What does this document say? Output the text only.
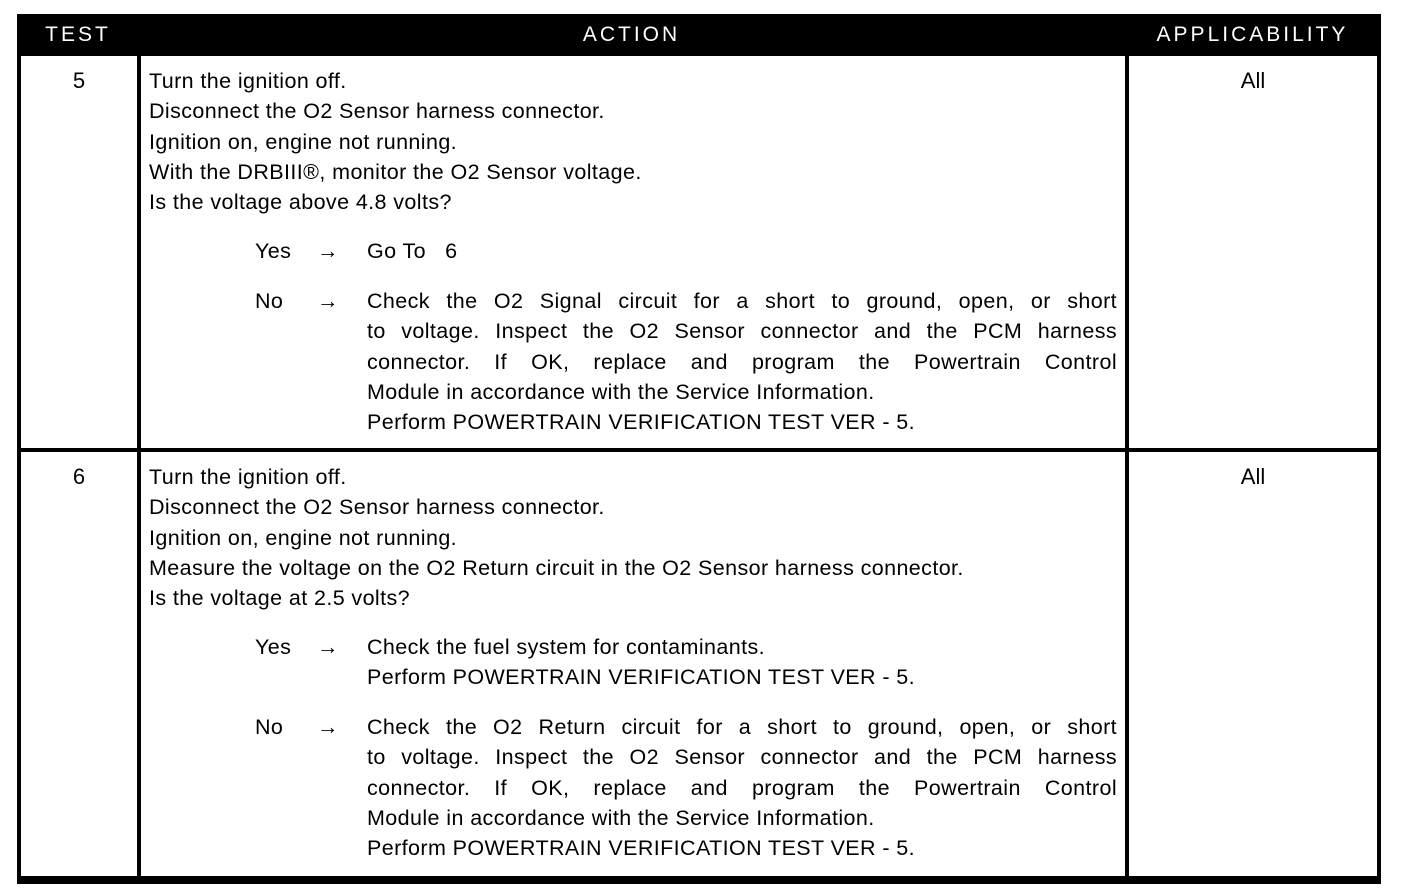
TEST	ACTION	APPLICABILITY
5	Turn the ignition off.
Disconnect the O2 Sensor harness connector.
Ignition on, engine not running.
With the DRBIII®, monitor the O2 Sensor voltage.
Is the voltage above 4.8 volts?
Yes	→	Go To   6
No	→	Check the O2 Signal circuit for a short to ground, open, or short
to voltage. Inspect the O2 Sensor connector and the PCM harness
connector. If OK, replace and program the Powertrain Control
Module in accordance with the Service Information.
Perform POWERTRAIN VERIFICATION TEST VER - 5.
All
6	Turn the ignition off.
Disconnect the O2 Sensor harness connector.
Ignition on, engine not running.
Measure the voltage on the O2 Return circuit in the O2 Sensor harness connector.
Is the voltage at 2.5 volts?
Yes	→	Check the fuel system for contaminants.
Perform POWERTRAIN VERIFICATION TEST VER - 5.
No	→	Check the O2 Return circuit for a short to ground, open, or short
to voltage. Inspect the O2 Sensor connector and the PCM harness
connector. If OK, replace and program the Powertrain Control
Module in accordance with the Service Information.
Perform POWERTRAIN VERIFICATION TEST VER - 5.
All
